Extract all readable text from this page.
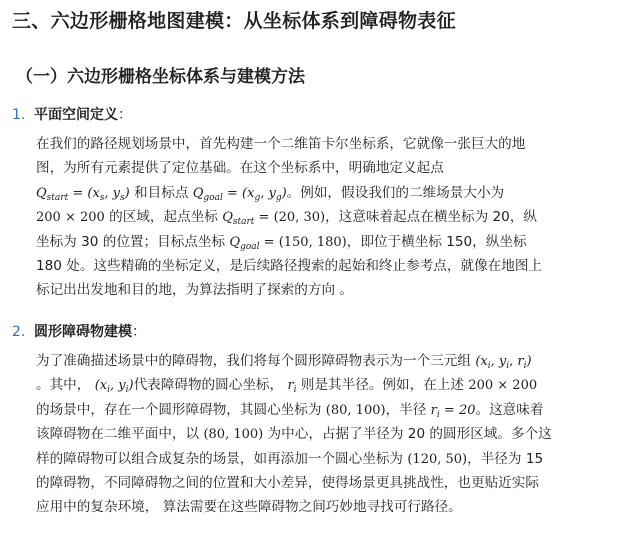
三、六边形栅格地图建模：从坐标体系到障碍物表征
（一）六边形栅格坐标体系与建模方法
1. 平面空间定义：
在我们的路径规划场景中，首先构建一个二维笛卡尔坐标系，它就像一张巨大的地
图，为所有元素提供了定位基础。在这个坐标系中，明确地定义起点
$Q_{start} = (x_s$, $y_s$) 和目标点 $Q_{goal} = (x_g$, $y_g$)。例如，假设我们的二维场景大小为
200 × 200 的区域，起点坐标 $Q_{start} = (20$, 30)，这意味着起点在横坐标为 20，纵
坐标为 30 的位置；目标点坐标 $Q_{goal} = (150$, 180)，即位于横坐标 150，纵坐标
180 处。这些精确的坐标定义，是后续路径搜索的起始和终止参考点，就像在地图上
标记出出发地和目的地，为算法指明了探索的方向 。
2. 圆形障碍物建模：
为了准确描述场景中的障碍物，我们将每个圆形障碍物表示为一个三元组 ($x_i$, $y_i$, $r_i$)
。其中， ($x_i$, $y_i$)代表障碍物的圆心坐标， $r_i$ 则是其半径。例如，在上述 200 × 200
的场景中，存在一个圆形障碍物，其圆心坐标为 (80, 100)，半径 $r_i = 20$。这意味着
该障碍物在二维平面中，以 (80, 100) 为中心，占据了半径为 20 的圆形区域。多个这
样的障碍物可以组合成复杂的场景，如再添加一个圆心坐标为 (120, 50)，半径为 15
的障碍物，不同障碍物之间的位置和大小差异，使得场景更具挑战性，也更贴近实际
应用中的复杂环境， 算法需要在这些障碍物之间巧妙地寻找可行路径。
